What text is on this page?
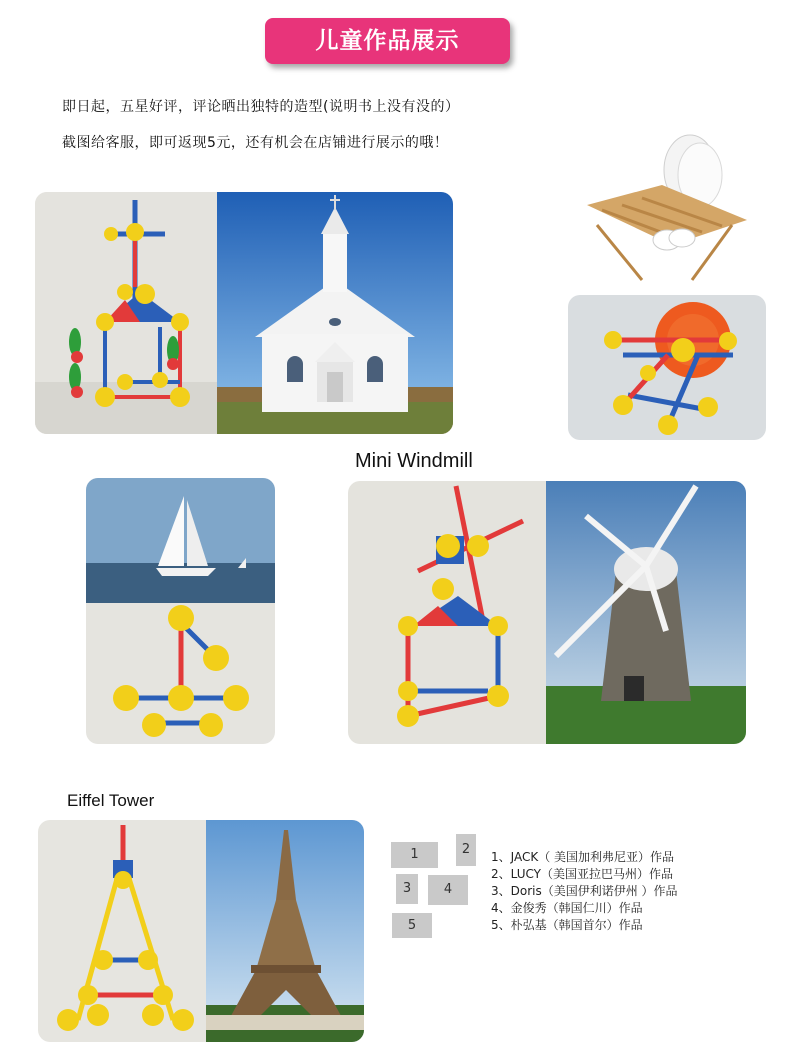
儿童作品展示
即日起，五星好评，评论晒出独特的造型(说明书上没有没的）
截图给客服，即可返现5元，还有机会在店铺进行展示的哦！
Mini Windmill
Eiffel Tower
1	2
3	4
5
1、JACK（ 美国加利弗尼亚）作品
2、LUCY（美国亚拉巴马州）作品
3、Doris（美国伊利诺伊州 ）作品
4、金俊秀（韩国仁川）作品
5、朴弘基（韩国首尔）作品
